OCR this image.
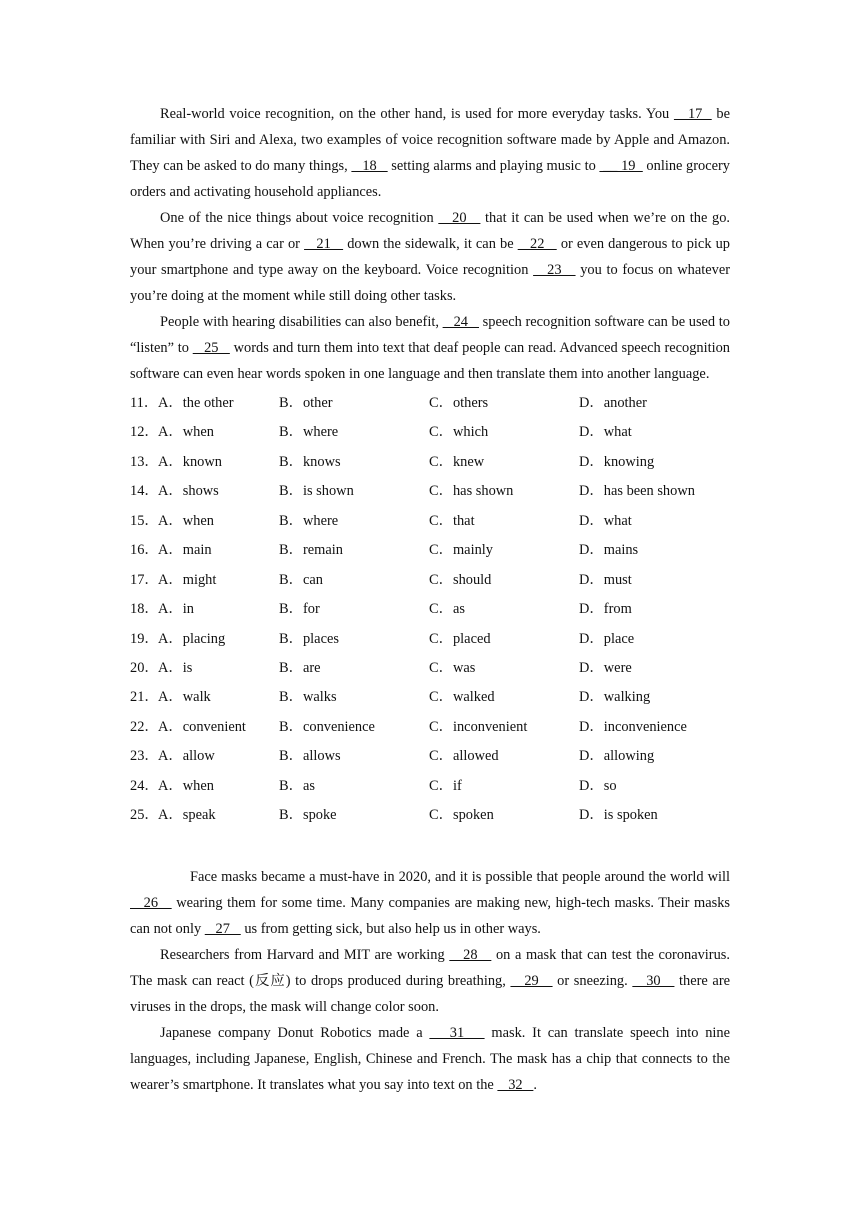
Real-world voice recognition, on the other hand, is used for more everyday tasks. You    17   be familiar with Siri and Alexa, two examples of voice recognition software made by Apple and Amazon. They can be asked to do many things,    18    setting alarms and playing music to  __ 19   online grocery orders and activating household appliances.

One of the nice things about voice recognition    20    that it can be used when we’re on the go. When you’re driving a car or    21    down the sidewalk, it can be    22    or even dangerous to pick up your smartphone and type away on the keyboard. Voice recognition    23    you to focus on whatever you’re doing at the moment while still doing other tasks.

People with hearing disabilities can also benefit,    24    speech recognition software can be used to “listen” to    25    words and turn them into text that deaf people can read. Advanced speech recognition software can even hear words spoken in one language and then translate them into another language.

11． A．the other	B．other	C．others	D．another
12． A．when	B．where	C．which	D．what
13． A．known	B．knows	C．knew	D．knowing
14． A．shows	B．is shown	C．has shown	D．has been shown
15． A．when	B．where	C．that	D．what
16． A．main	B．remain	C．mainly	D．mains
17． A．might	B．can	C．should	D．must
18． A．in	B．for	C．as	D．from
19． A．placing	B．places	C．placed	D．place
20． A．is	B．are	C．was	D．were
21． A．walk	B．walks	C．walked	D．walking
22． A．convenient B．convenience	C．inconvenient	D．inconvenience
23． A．allow	B．allows	C．allowed	D．allowing
24． A．when	B．as	C．if	D．so
25． A．speak	B．spoke	C．spoken	D．is spoken

Face masks became a must-have in 2020, and it is possible that people around the world will    26    wearing them for some time. Many companies are making new, high-tech masks. Their masks can not only    27    us from getting sick, but also help us in other ways.

Researchers from Harvard and MIT are working    28    on a mask that can test the coronavirus. The mask can react (反应) to drops produced during breathing,    29    or sneezing.    30    there are viruses in the drops, the mask will change color soon.

Japanese company Donut Robotics made a    31    mask. It can translate speech into nine languages, including Japanese, English, Chinese and French. The mask has a chip that connects to the wearer’s smartphone. It translates what you say into text on the    32   .
